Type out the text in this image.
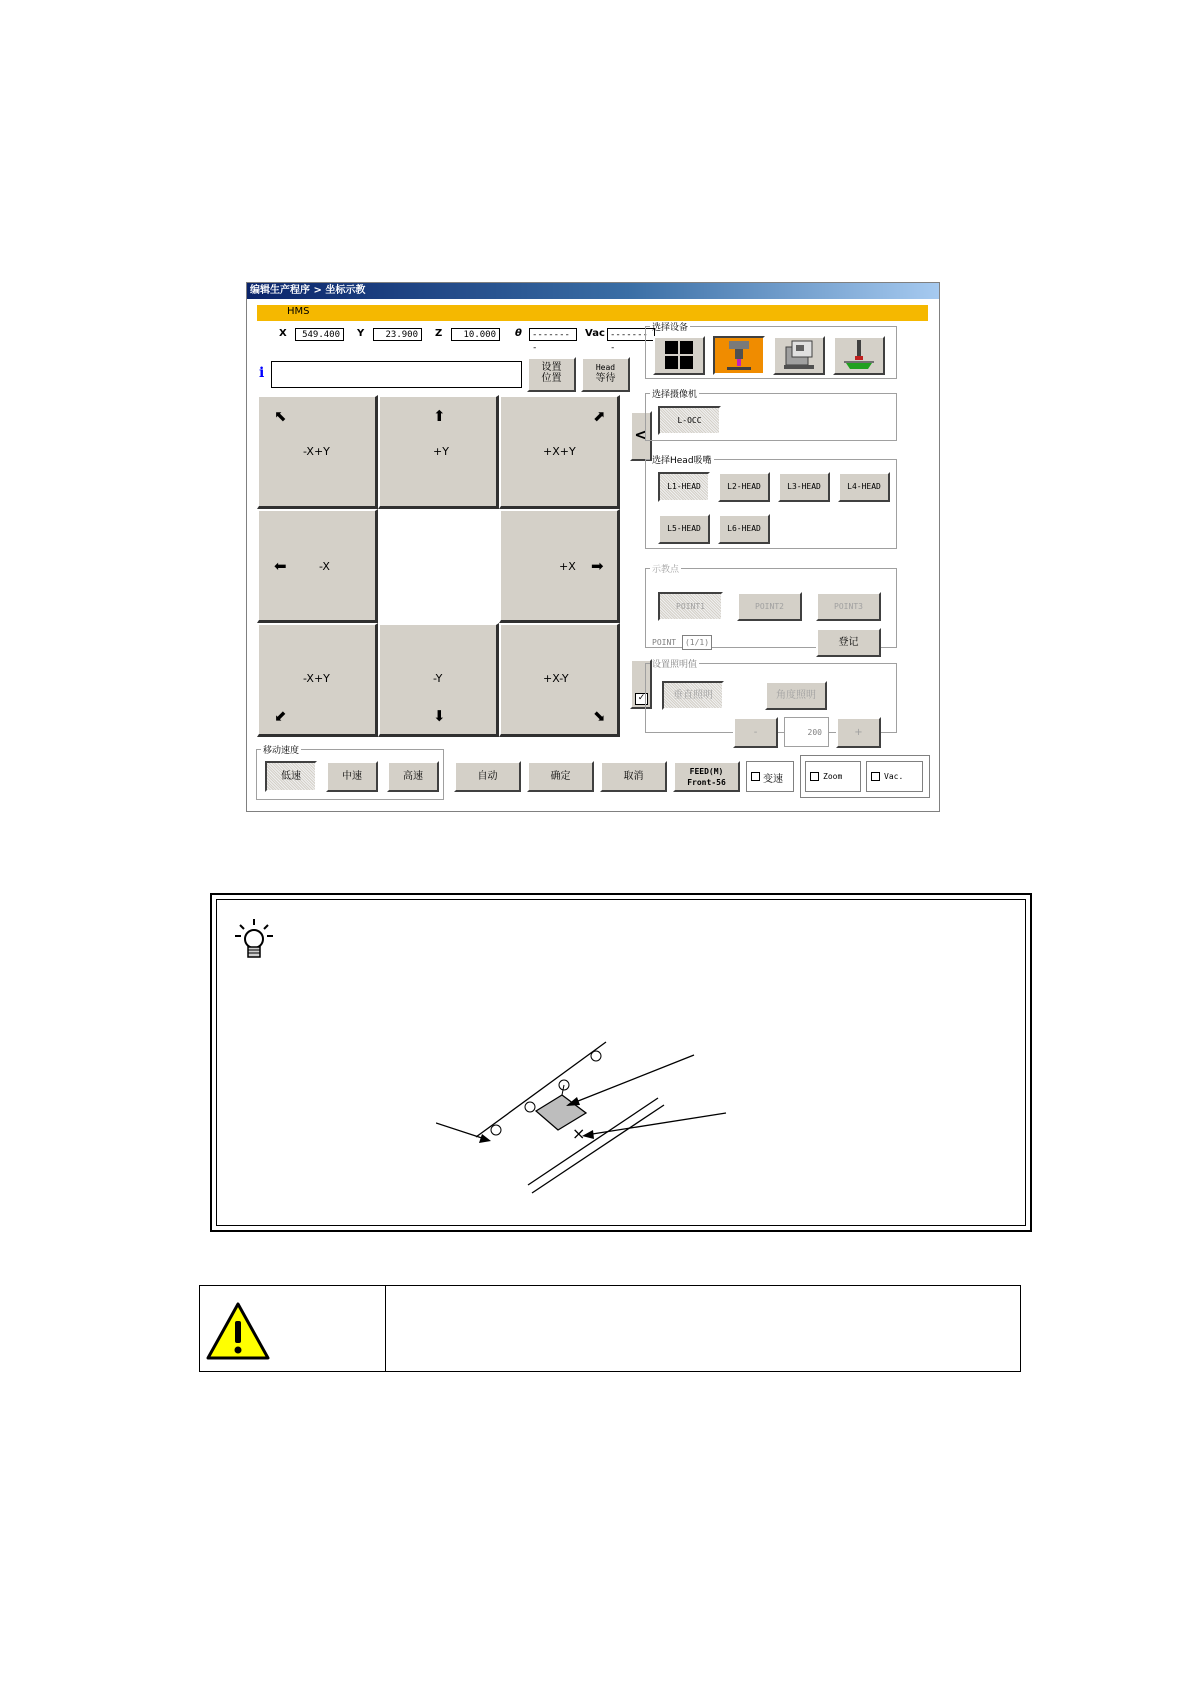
编辑生产程序 > 坐标示教
HMS
X	549.400	Y	23.900	Z	10.000	θ	--------
Vac --------
i	设置
位置
Head
等待
⬉
-X+Y
⬆
+Y
⬈
+X+Y
⬅	-X	+X ➡
-X+Y
⬋
-Y
⬇
+X-Y
⬊
<
✓
选择设备
选择摄像机
L-OCC
选择Head吸嘴
L1-HEAD	L2-HEAD	L3-HEAD	L4-HEAD
L5-HEAD	L6-HEAD
示教点
POINT1	POINT2	POINT3
POINT	(1/1)	登记
设置照明值
垂直照明	角度照明
-	200	+
移动速度
低速	中速	高速	自动	确定	取消	FEED(M)
Front-56	变速	Zoom	Vac.
×
